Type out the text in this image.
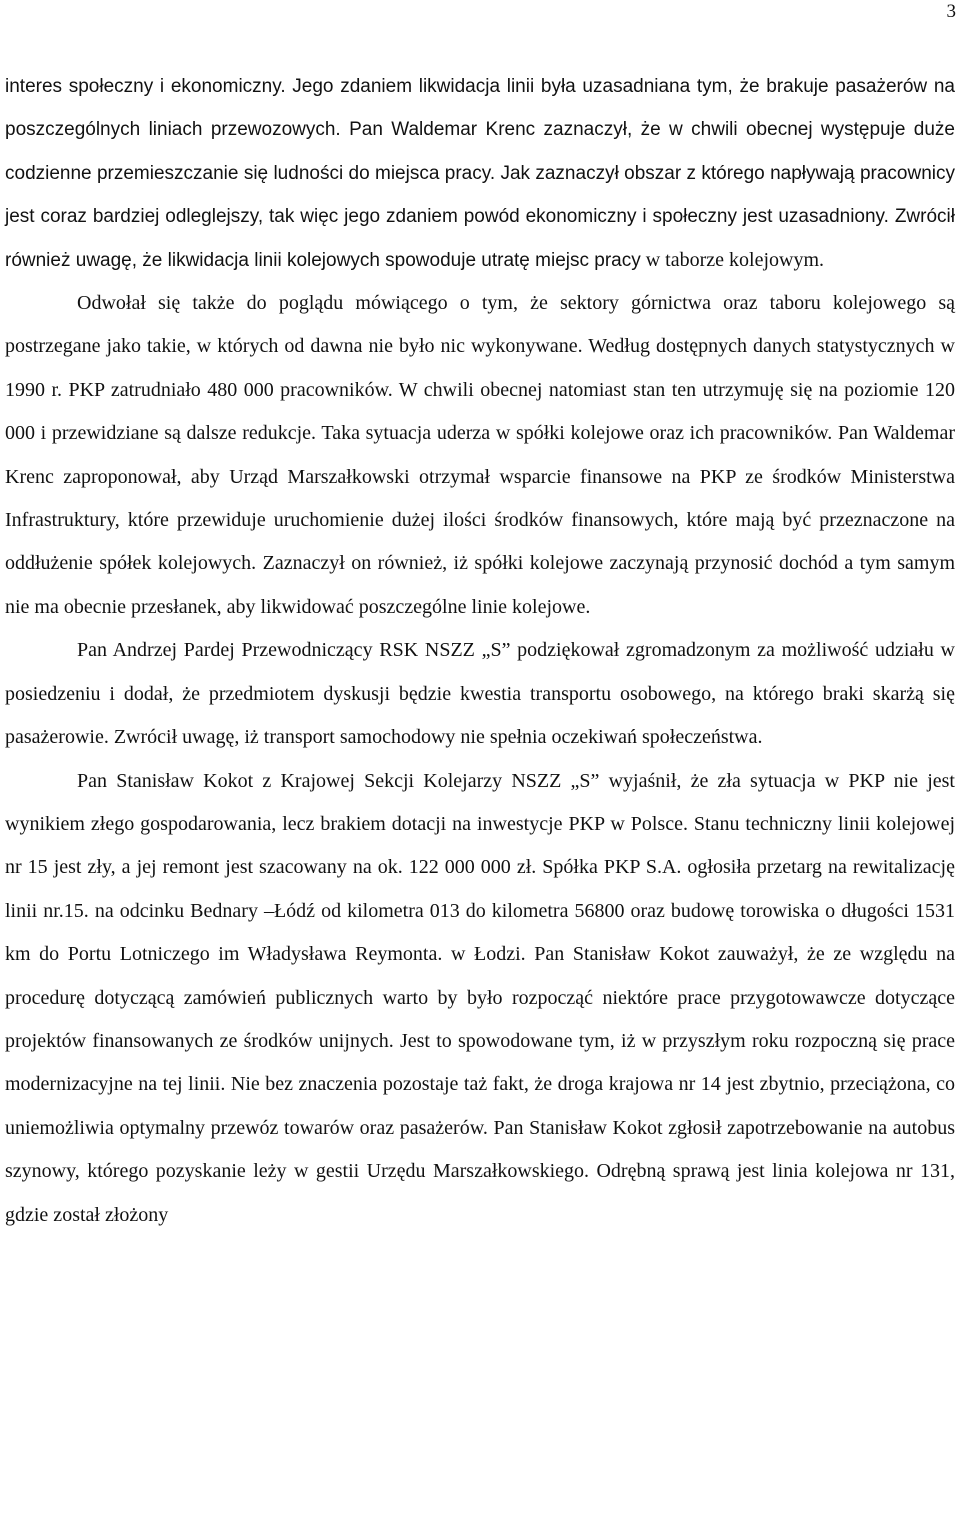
3

interes społeczny i ekonomiczny. Jego zdaniem likwidacja linii była uzasadniana tym, że brakuje pasażerów na poszczególnych liniach przewozowych. Pan Waldemar Krenc zaznaczył, że w chwili obecnej występuje duże codzienne przemieszczanie się ludności do miejsca pracy. Jak zaznaczył obszar z którego napływają pracownicy jest coraz bardziej odleglejszy, tak więc jego zdaniem powód ekonomiczny i społeczny jest uzasadniony. Zwrócił również uwagę, że likwidacja linii kolejowych spowoduje utratę miejsc pracy w taborze kolejowym.

Odwołał się także do poglądu mówiącego o tym, że sektory górnictwa oraz taboru kolejowego są postrzegane jako takie, w których od dawna nie było nic wykonywane. Według dostępnych danych statystycznych w 1990 r. PKP zatrudniało 480 000 pracowników. W chwili obecnej natomiast stan ten utrzymuję się na poziomie 120 000 i przewidziane są dalsze redukcje. Taka sytuacja uderza w spółki kolejowe oraz ich pracowników. Pan Waldemar Krenc zaproponował, aby Urząd Marszałkowski otrzymał wsparcie finansowe na PKP ze środków Ministerstwa Infrastruktury, które przewiduje uruchomienie dużej ilości środków finansowych, które mają być przeznaczone na oddłużenie spółek kolejowych. Zaznaczył on również, iż spółki kolejowe zaczynają przynosić dochód a tym samym nie ma obecnie przesłanek, aby likwidować poszczególne linie kolejowe.

Pan Andrzej Pardej Przewodniczący RSK NSZZ „S” podziękował zgromadzonym za możliwość udziału w posiedzeniu i dodał, że przedmiotem dyskusji będzie kwestia transportu osobowego, na którego braki skarżą się pasażerowie. Zwrócił uwagę, iż transport samochodowy nie spełnia oczekiwań społeczeństwa.

Pan Stanisław Kokot z Krajowej Sekcji Kolejarzy NSZZ „S” wyjaśnił, że zła sytuacja w PKP nie jest wynikiem złego gospodarowania, lecz brakiem dotacji na inwestycje PKP w Polsce. Stanu techniczny linii kolejowej nr 15 jest zły, a jej remont jest szacowany na ok. 122 000 000 zł. Spółka PKP S.A. ogłosiła przetarg na rewitalizację linii nr.15. na odcinku Bednary –Łódź od kilometra 013 do kilometra 56800 oraz budowę torowiska o długości 1531 km do Portu Lotniczego im Władysława Reymonta. w Łodzi. Pan Stanisław Kokot zauważył, że ze względu na procedurę dotyczącą zamówień publicznych warto by było rozpocząć niektóre prace przygotowawcze dotyczące projektów finansowanych ze środków unijnych. Jest to spowodowane tym, iż w przyszłym roku rozpoczną się prace modernizacyjne na tej linii. Nie bez znaczenia pozostaje taż fakt, że droga krajowa nr 14 jest zbytnio, przeciążona, co uniemożliwia optymalny przewóz towarów oraz pasażerów. Pan Stanisław Kokot zgłosił zapotrzebowanie na autobus szynowy, którego pozyskanie leży w gestii Urzędu Marszałkowskiego. Odrębną sprawą jest linia kolejowa nr 131, gdzie został złożony
